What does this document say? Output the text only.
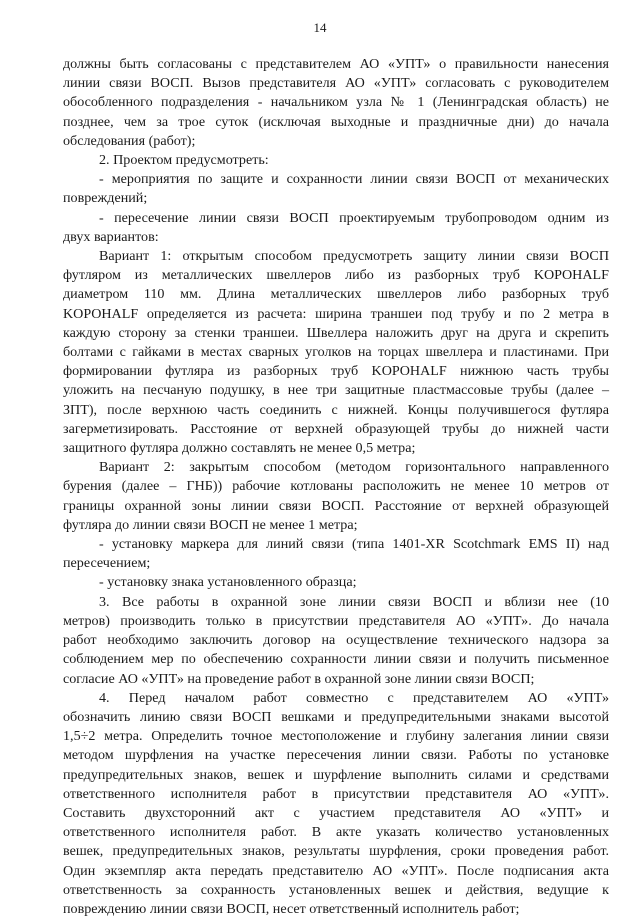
14
должны быть согласованы с представителем АО «УПТ» о правильности нанесения
линии связи ВОСП. Вызов представителя АО «УПТ» согласовать с руководителем
обособленного подразделения - начальником узла № 1 (Ленинградская область) не
позднее, чем за трое суток (исключая выходные и праздничные дни) до начала
обследования (работ);
2. Проектом предусмотреть:
- мероприятия по защите и сохранности линии связи ВОСП от механических
повреждений;
- пересечение линии связи ВОСП проектируемым трубопроводом одним из
двух вариантов:
Вариант 1: открытым способом предусмотреть защиту линии связи ВОСП
футляром из металлических швеллеров либо из разборных труб KOPOHALF
диаметром 110 мм. Длина металлических швеллеров либо разборных труб
KOPOHALF определяется из расчета: ширина траншеи под трубу и по 2 метра в
каждую сторону за стенки траншеи. Швеллера наложить друг на друга и скрепить
болтами с гайками в местах сварных уголков на торцах швеллера и пластинами. При
формировании футляра из разборных труб KOPOHALF нижнюю часть трубы
уложить на песчаную подушку, в нее три защитные пластмассовые трубы (далее –
ЗПТ), после верхнюю часть соединить с нижней. Концы получившегося футляра
загерметизировать. Расстояние от верхней образующей трубы до нижней части
защитного футляра должно составлять не менее 0,5 метра;
Вариант 2: закрытым способом (методом горизонтального направленного
бурения (далее – ГНБ)) рабочие котлованы расположить не менее 10 метров от
границы охранной зоны линии связи ВОСП. Расстояние от верхней образующей
футляра до линии связи ВОСП не менее 1 метра;
- установку маркера для линий связи (типа 1401-XR Scotchmark EMS II) над
пересечением;
- установку знака установленного образца;
3. Все работы в охранной зоне линии связи ВОСП и вблизи нее (10
метров) производить только в присутствии представителя АО «УПТ». До начала
работ необходимо заключить договор на осуществление технического надзора за
соблюдением мер по обеспечению сохранности линии связи и получить письменное
согласие АО «УПТ» на проведение работ в охранной зоне линии связи ВОСП;
4. Перед началом работ совместно с представителем АО «УПТ»
обозначить линию связи ВОСП вешками и предупредительными знаками высотой
1,5÷2 метра. Определить точное местоположение и глубину залегания линии связи
методом шурфления на участке пересечения линии связи. Работы по установке
предупредительных знаков, вешек и шурфление выполнить силами и средствами
ответственного исполнителя работ в присутствии представителя АО «УПТ».
Составить двухсторонний акт с участием представителя АО «УПТ» и
ответственного исполнителя работ. В акте указать количество установленных
вешек, предупредительных знаков, результаты шурфления, сроки проведения работ.
Один экземпляр акта передать представителю АО «УПТ». После подписания акта
ответственность за сохранность установленных вешек и действия, ведущие к
повреждению линии связи ВОСП, несет ответственный исполнитель работ;
